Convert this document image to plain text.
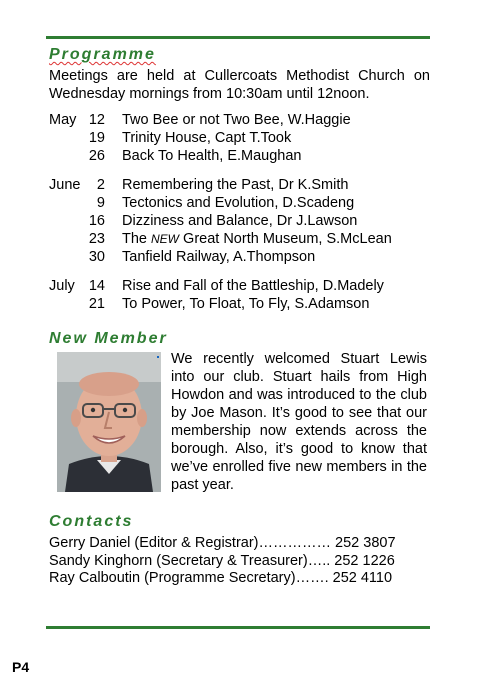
Programme
Meetings are held at Cullercoats Methodist Church on Wednesday mornings from 10:30am until 12noon.
May 12 Two Bee or not Two Bee, W.Haggie
19 Trinity House, Capt T.Took
26 Back To Health, E.Maughan
June	2 Remembering the Past, Dr K.Smith
9 Tectonics and Evolution, D.Scadeng
16 Dizziness and Balance, Dr J.Lawson
23 The NEW Great North Museum, S.McLean
30 Tanfield Railway, A.Thompson
July 14 Rise and Fall of the Battleship, D.Madely
21 To Power, To Float, To Fly, S.Adamson
New Member
We recently welcomed Stuart Lewis into our club. Stuart hails from High Howdon and was introduced to the club by Joe Mason. It’s good to see that our membership now extends across the borough. Also, it’s good to know that we’ve enrolled five new members in the past year.
Contacts
Gerry Daniel (Editor & Registrar)…………… 252 3807
Sandy Kinghorn (Secretary & Treasurer)….. 252 1226
Ray Calboutin (Programme Secretary)……. 252 4110
P4
